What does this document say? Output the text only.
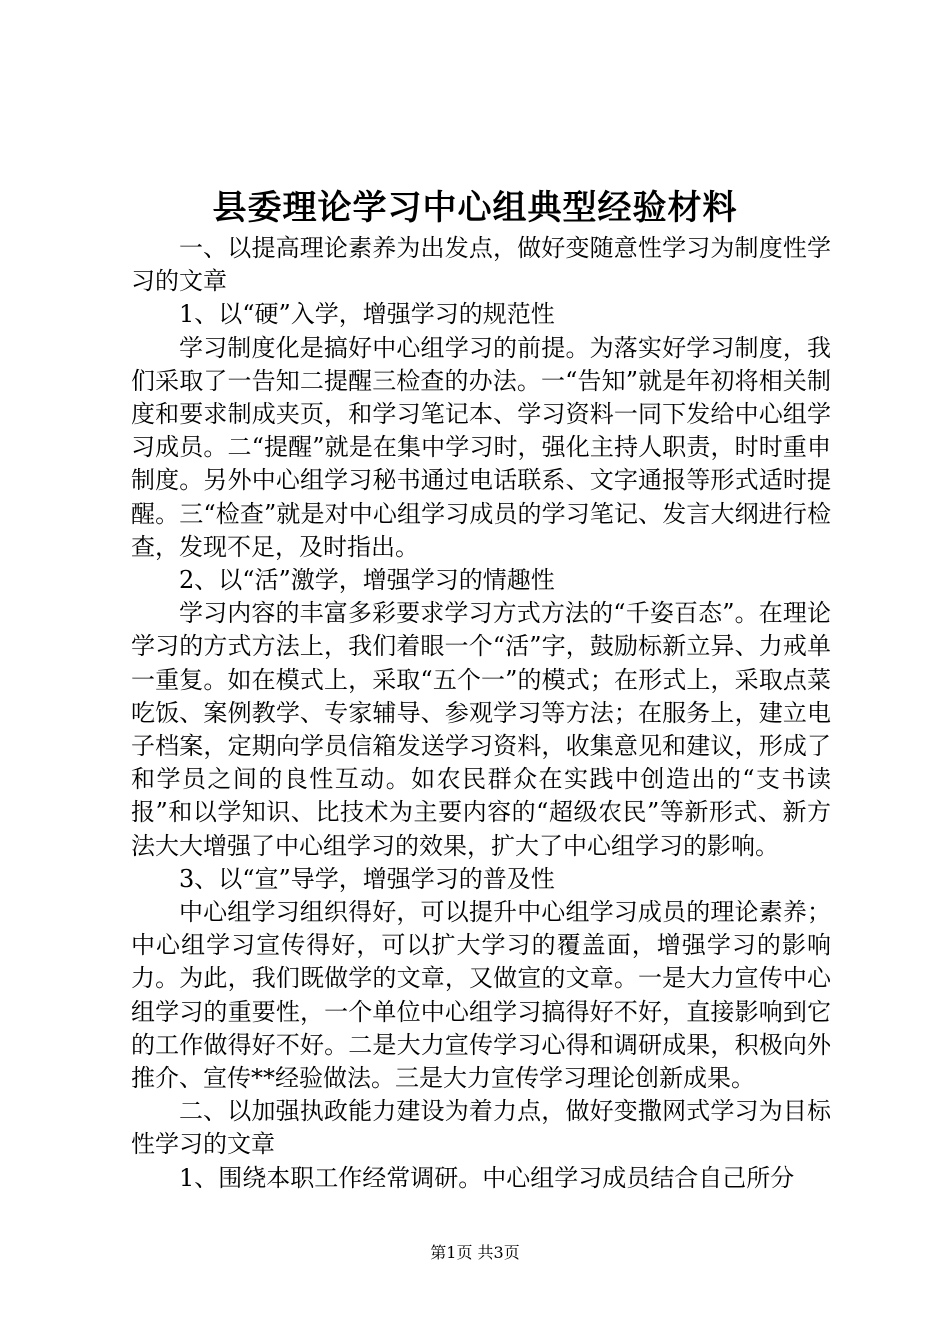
县委理论学习中心组典型经验材料

一、以提高理论素养为出发点，做好变随意性学习为制度性学习的文章

1、以“硬”入学，增强学习的规范性

学习制度化是搞好中心组学习的前提。为落实好学习制度，我们采取了一告知二提醒三检查的办法。一“告知”就是年初将相关制度和要求制成夹页，和学习笔记本、学习资料一同下发给中心组学习成员。二“提醒”就是在集中学习时，强化主持人职责，时时重申制度。另外中心组学习秘书通过电话联系、文字通报等形式适时提醒。三“检查”就是对中心组学习成员的学习笔记、发言大纲进行检查，发现不足，及时指出。

2、以“活”激学，增强学习的情趣性

学习内容的丰富多彩要求学习方式方法的“千姿百态”。在理论学习的方式方法上，我们着眼一个“活”字，鼓励标新立异、力戒单一重复。如在模式上，采取“五个一”的模式；在形式上，采取点菜吃饭、案例教学、专家辅导、参观学习等方法；在服务上，建立电子档案，定期向学员信箱发送学习资料，收集意见和建议，形成了和学员之间的良性互动。如农民群众在实践中创造出的“支书读报”和以学知识、比技术为主要内容的“超级农民”等新形式、新方法大大增强了中心组学习的效果，扩大了中心组学习的影响。

3、以“宣”导学，增强学习的普及性

中心组学习组织得好，可以提升中心组学习成员的理论素养；中心组学习宣传得好，可以扩大学习的覆盖面，增强学习的影响力。为此，我们既做学的文章，又做宣的文章。一是大力宣传中心组学习的重要性，一个单位中心组学习搞得好不好，直接影响到它的工作做得好不好。二是大力宣传学习心得和调研成果，积极向外推介、宣传**经验做法。三是大力宣传学习理论创新成果。

二、以加强执政能力建设为着力点，做好变撒网式学习为目标性学习的文章

1、围绕本职工作经常调研。中心组学习成员结合自己所分

第1页 共3页
